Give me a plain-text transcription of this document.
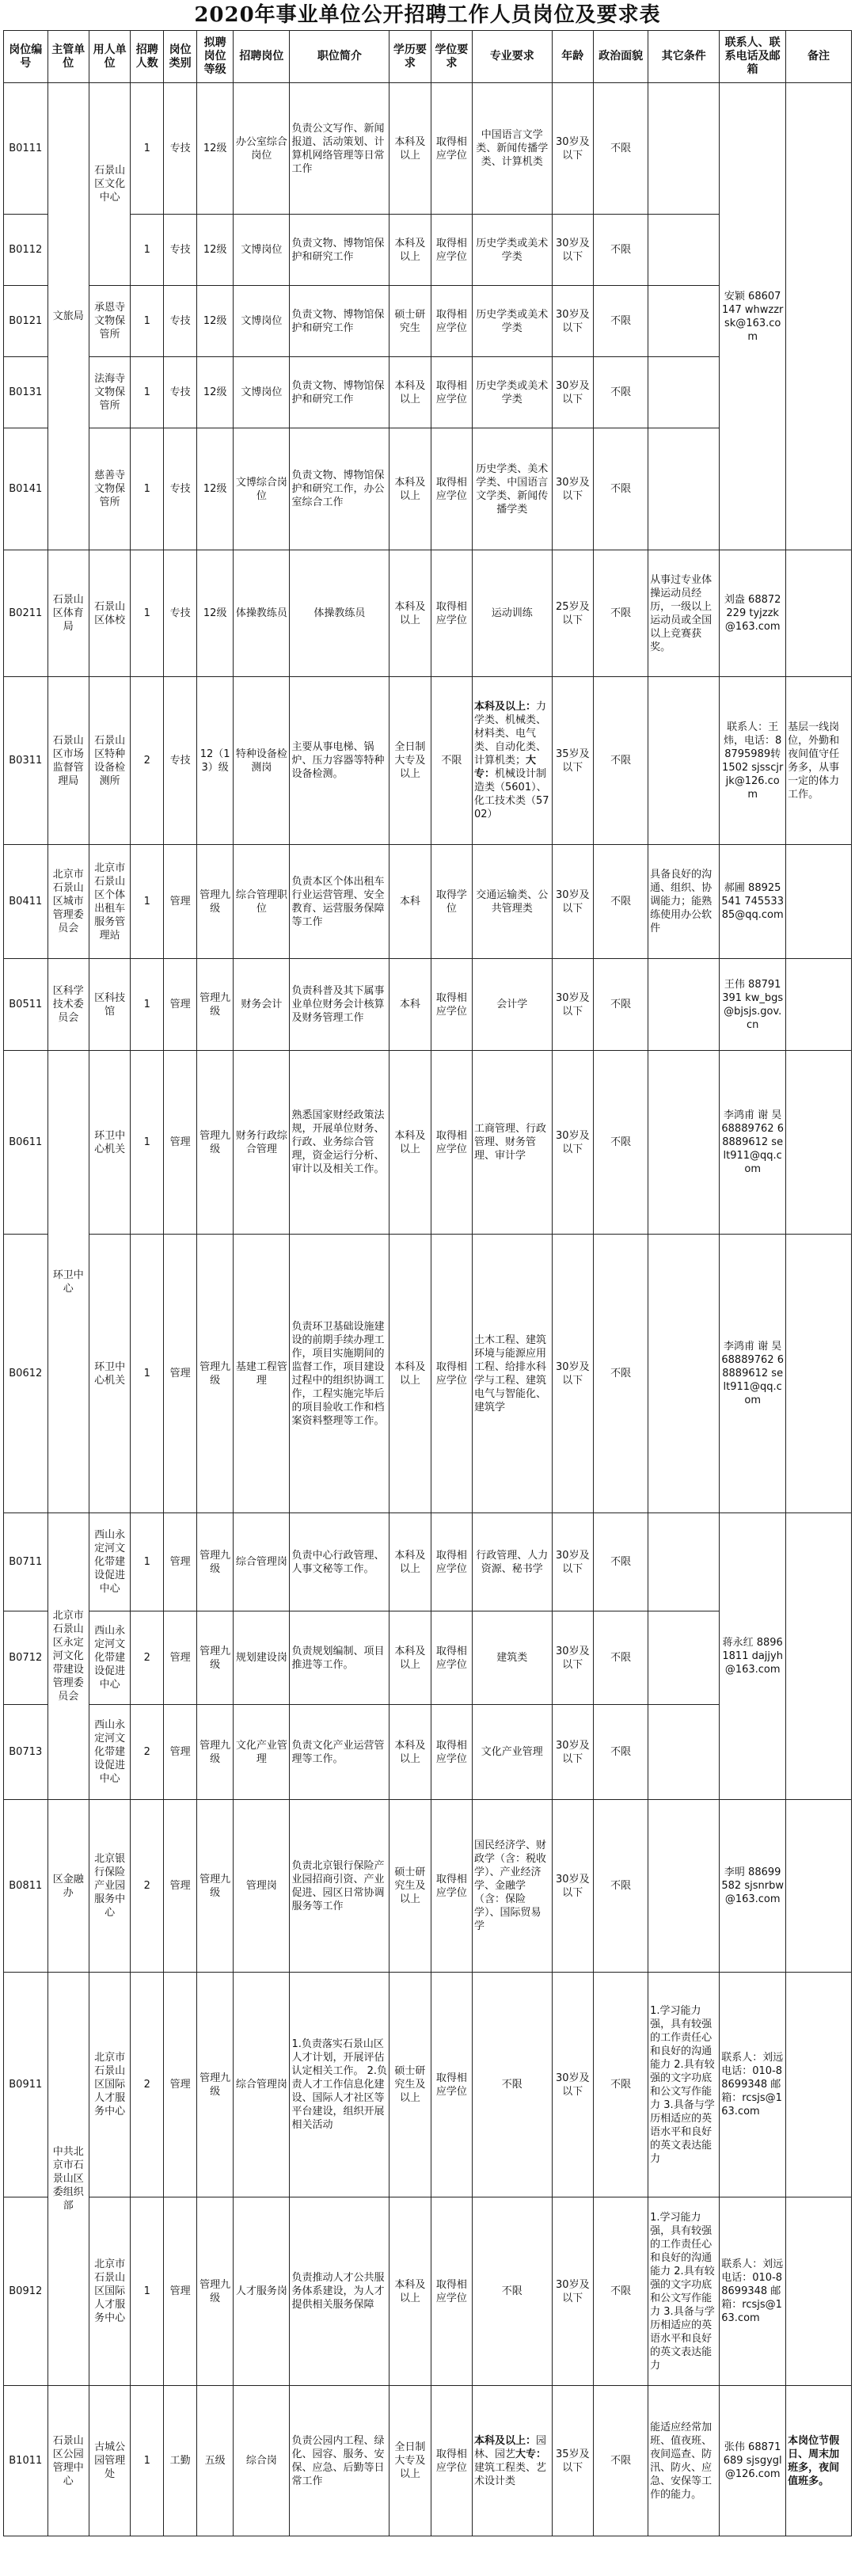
2020年事业单位公开招聘工作人员岗位及要求表
岗位编号	主管单位	用人单位	招聘人数	岗位类别	拟聘岗位等级	招聘岗位	职位简介	学历要求	学位要求	专业要求	年龄	政治面貌	其它条件	联系人、联系电话及邮箱	备注
B0111	文旅局	石景山区文化中心	1	专技	12级	办公室综合岗位	负责公文写作、新闻报道、活动策划、计算机网络管理等日常工作	本科及以上	取得相应学位	中国语言文学类、新闻传播学类、计算机类	30岁及以下	不限		安颖 68607147 whwzzrsk@163.com	
B0112			1	专技	12级	文博岗位	负责文物、博物馆保护和研究工作	本科及以上	取得相应学位	历史学类或美术学类	30岁及以下	不限			
B0121		承恩寺文物保管所	1	专技	12级	文博岗位	负责文物、博物馆保护和研究工作	硕士研究生	取得相应学位	历史学类或美术学类	30岁及以下	不限			
B0131		法海寺文物保管所	1	专技	12级	文博岗位	负责文物、博物馆保护和研究工作	本科及以上	取得相应学位	历史学类或美术学类	30岁及以下	不限			
B0141		慈善寺文物保管所	1	专技	12级	文博综合岗位	负责文物、博物馆保护和研究工作，办公室综合工作	本科及以上	取得相应学位	历史学类、美术学类、中国语言文学类、新闻传播学类	30岁及以下	不限			
B0211	石景山区体育局	石景山区体校	1	专技	12级	体操教练员	体操教练员	本科及以上	取得相应学位	运动训练	25岁及以下	不限	从事过专业体操运动员经历，一级以上运动员或全国以上竞赛获奖。	刘盎 68872229 tyjzzk@163.com	
B0311	石景山区市场监督管理局	石景山区特种设备检测所	2	专技	12（13）级	特种设备检测岗	主要从事电梯、锅炉、压力容器等特种设备检测。	全日制大专及以上	不限	本科及以上：力学类、机械类、材料类、电气类、自动化类、计算机类；大专：机械设计制造类（5601）、化工技术类（5702）	35岁及以下	不限		联系人：王炜，电话：88795989转1502 sjsscjrjk@126.com	基层一线岗位，外勤和夜间值守任务多，从事一定的体力工作。
B0411	北京市石景山区城市管理委员会	北京市石景山区个体出租车服务管理站	1	管理	管理九级	综合管理职位	负责本区个体出租车行业运营管理、安全教育、运营服务保障等工作	本科	取得学位	交通运输类、公共管理类	30岁及以下	不限	具备良好的沟通、组织、协调能力；能熟练使用办公软件	郝圃 88925541 74553385@qq.com	
B0511	区科学技术委员会	区科技馆	1	管理	管理九级	财务会计	负责科普及其下属事业单位财务会计核算及财务管理工作	本科	取得相应学位	会计学	30岁及以下	不限		王伟 88791391 kw_bgs@bjsjs.gov.cn	
B0611	环卫中心	环卫中心机关	1	管理	管理九级	财务行政综合管理	熟悉国家财经政策法规，开展单位财务、行政、业务综合管理，资金运行分析、审计以及相关工作。	本科及以上	取得相应学位	工商管理、行政管理、财务管理、审计学	30岁及以下	不限		李鸿甫 谢 昊 68889762 68889612 selt911@qq.com	
B0612		环卫中心机关	1	管理	管理九级	基建工程管理	负责环卫基础设施建设的前期手续办理工作，项目实施期间的监督工作，项目建设过程中的组织协调工作，工程实施完毕后的项目验收工作和档案资料整理等工作。	本科及以上	取得相应学位	土木工程、建筑环境与能源应用工程、给排水科学与工程、建筑电气与智能化、建筑学	30岁及以下	不限		李鸿甫 谢 昊 68889762 68889612 selt911@qq.com	
B0711	北京市石景山区永定河文化带建设管理委员会	西山永定河文化带建设促进中心	1	管理	管理九级	综合管理岗	负责中心行政管理、人事文秘等工作。	本科及以上	取得相应学位	行政管理、人力资源、秘书学	30岁及以下	不限		蒋永红 88961811 dajjyh@163.com	
B0712		西山永定河文化带建设促进中心	2	管理	管理九级	规划建设岗	负责规划编制、项目推进等工作。	本科及以上	取得相应学位	建筑类	30岁及以下	不限			
B0713		西山永定河文化带建设促进中心	2	管理	管理九级	文化产业管理	负责文化产业运营管理等工作。	本科及以上	取得相应学位	文化产业管理	30岁及以下	不限			
B0811	区金融办	北京银行保险产业园服务中心	2	管理	管理九级	管理岗	负责北京银行保险产业园招商引资、产业促进、园区日常协调服务等工作	硕士研究生及以上	取得相应学位	国民经济学、财政学（含：税收学）、产业经济学、金融学（含：保险学）、国际贸易学	30岁及以下	不限		李明 88699582 sjsnrbw@163.com	
B0911	中共北京市石景山区委组织部	北京市石景山区国际人才服务中心	2	管理	管理九级	综合管理岗	1.负责落实石景山区人才计划，开展评估认定相关工作。 2.负责人才工作信息化建设、国际人才社区等平台建设，组织开展相关活动	硕士研究生及以上	取得相应学位	不限	30岁及以下	不限	1.学习能力强，具有较强的工作责任心和良好的沟通能力 2.具有较强的文字功底和公文写作能力 3.具备与学历相适应的英语水平和良好的英文表达能力	联系人：刘远 电话：010-88699348 邮箱：rcsjs@163.com	
B0912		北京市石景山区国际人才服务中心	1	管理	管理九级	人才服务岗	负责推动人才公共服务体系建设，为人才提供相关服务保障	本科及以上	取得相应学位	不限	30岁及以下	不限	1.学习能力强，具有较强的工作责任心和良好的沟通能力 2.具有较强的文字功底和公文写作能力 3.具备与学历相适应的英语水平和良好的英文表达能力	联系人：刘远 电话：010-88699348 邮箱：rcsjs@163.com	
B1011	石景山区公园管理中心	古城公园管理处	1	工勤	五级	综合岗	负责公园内工程、绿化、园容、服务、安保、应急、后勤等日常工作	全日制大专及以上	取得相应学位	本科及以上：园林、园艺大专：建筑工程类、艺术设计类	35岁及以下	不限	能适应经常加班、值夜班、夜间巡查、防汛、防火、应急、安保等工作的能力。	张伟 68871689 sjsgygl@126.com	本岗位节假日、周末加班多，夜间值班多。
